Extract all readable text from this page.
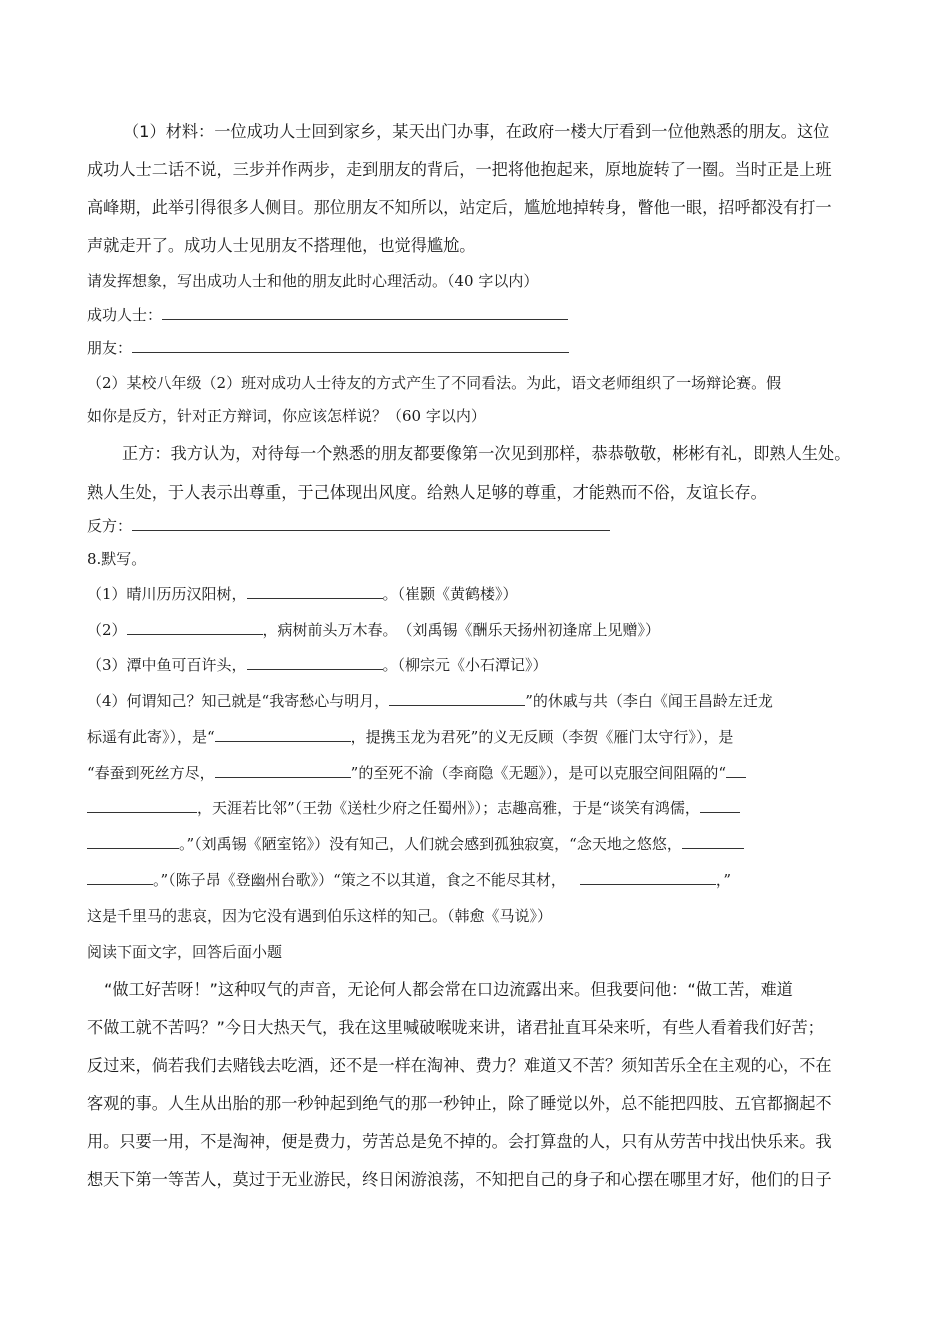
（1）材料：一位成功人士回到家乡，某天出门办事，在政府一楼大厅看到一位他熟悉的朋友。这位
成功人士二话不说，三步并作两步，走到朋友的背后，一把将他抱起来，原地旋转了一圈。当时正是上班
高峰期，此举引得很多人侧目。那位朋友不知所以，站定后，尴尬地掉转身，瞥他一眼，招呼都没有打一
声就走开了。成功人士见朋友不搭理他，也觉得尴尬。
请发挥想象，写出成功人士和他的朋友此时心理活动。（40 字以内）
成功人士：
朋友：
（2）某校八年级（2）班对成功人士待友的方式产生了不同看法。为此，语文老师组织了一场辩论赛。假
如你是反方，针对正方辩词，你应该怎样说？（60 字以内）
正方：我方认为，对待每一个熟悉的朋友都要像第一次见到那样，恭恭敬敬，彬彬有礼，即熟人生处。
熟人生处，于人表示出尊重，于己体现出风度。给熟人足够的尊重，才能熟而不俗，友谊长存。
反方：
8.默写。
（1）晴川历历汉阳树，	。（崔颢《黄鹤楼》）
（2）	，病树前头万木春。　（刘禹锡《酬乐天扬州初逢席上见赠》）
（3）潭中鱼可百许头，	。（柳宗元《小石潭记》）
（4）何谓知己？知己就是“我寄愁心与明月，	”的休戚与共（李白《闻王昌龄左迁龙
标遥有此寄》），是“	，提携玉龙为君死”的义无反顾（李贺《雁门太守行》），是
“春蚕到死丝方尽，	”的至死不渝（李商隐《无题》），是可以克服空间阻隔的“
，天涯若比邻”（王勃《送杜少府之任蜀州》）；志趣高雅，于是“谈笑有鸿儒，
。”（刘禹锡《陋室铭》）没有知己，人们就会感到孤独寂寞，“念天地之悠悠，
。”（陈子昂《登幽州台歌》）“策之不以其道，食之不能尽其材，	，”
这是千里马的悲哀，因为它没有遇到伯乐这样的知己。（韩愈《马说》）
阅读下面文字，回答后面小题
“做工好苦呀！”这种叹气的声音，无论何人都会常在口边流露出来。但我要问他：“做工苦，难道
不做工就不苦吗？”今日大热天气，我在这里喊破喉咙来讲，诸君扯直耳朵来听，有些人看着我们好苦；
反过来，倘若我们去赌钱去吃酒，还不是一样在淘神、费力？难道又不苦？须知苦乐全在主观的心，不在
客观的事。人生从出胎的那一秒钟起到绝气的那一秒钟止，除了睡觉以外，总不能把四肢、五官都搁起不
用。只要一用，不是淘神，便是费力，劳苦总是免不掉的。会打算盘的人，只有从劳苦中找出快乐来。我
想天下第一等苦人，莫过于无业游民，终日闲游浪荡，不知把自己的身子和心摆在哪里才好，他们的日子
